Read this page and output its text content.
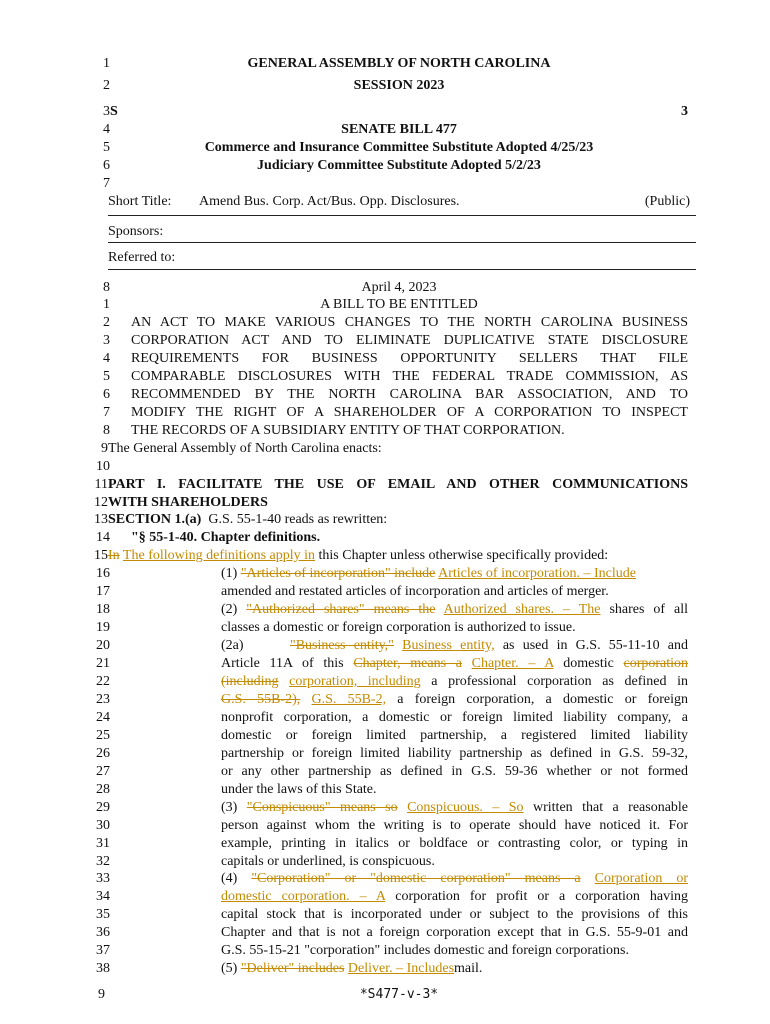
1	GENERAL ASSEMBLY OF NORTH CAROLINA
2	SESSION 2023
3 S	3
4	SENATE BILL 477
5	Commerce and Insurance Committee Substitute Adopted 4/25/23
6	Judiciary Committee Substitute Adopted 5/2/23
7
Short Title: Amend Bus. Corp. Act/Bus. Opp. Disclosures.	(Public)
Sponsors:
Referred to:
8	April 4, 2023
1	A BILL TO BE ENTITLED
2 AN ACT TO MAKE VARIOUS CHANGES TO THE NORTH CAROLINA BUSINESS
3 CORPORATION ACT AND TO ELIMINATE DUPLICATIVE STATE DISCLOSURE
4 REQUIREMENTS FOR BUSINESS OPPORTUNITY SELLERS THAT FILE
5 COMPARABLE DISCLOSURES WITH THE FEDERAL TRADE COMMISSION, AS
6 RECOMMENDED BY THE NORTH CAROLINA BAR ASSOCIATION, AND TO
7 MODIFY THE RIGHT OF A SHAREHOLDER OF A CORPORATION TO INSPECT
8 THE RECORDS OF A SUBSIDIARY ENTITY OF THAT CORPORATION.
9 The General Assembly of North Carolina enacts:
10
11 PART I. FACILITATE THE USE OF EMAIL AND OTHER COMMUNICATIONS
12 WITH SHAREHOLDERS
13 SECTION 1.(a) G.S. 55-1-40 reads as rewritten:
14 "§ 55-1-40. Chapter definitions.
15 In The following definitions apply in this Chapter unless otherwise specifically provided:
16	(1) "Articles of incorporation" include Articles of incorporation. – Include
17	amended and restated articles of incorporation and articles of merger.
18	(2) "Authorized shares" means the Authorized shares. – The shares of all
19	classes a domestic or foreign corporation is authorized to issue.
20	(2a)	"Business entity," Business entity, as used in G.S. 55-11-10 and
21	Article 11A of this Chapter, means a Chapter. – A domestic corporation
22	(including corporation, including a professional corporation as defined in
23	G.S. 55B-2), G.S. 55B-2, a foreign corporation, a domestic or foreign
24	nonprofit corporation, a domestic or foreign limited liability company, a
25	domestic or foreign limited partnership, a registered limited liability
26	partnership or foreign limited liability partnership as defined in G.S. 59-32,
27	or any other partnership as defined in G.S. 59-36 whether or not formed
28	under the laws of this State.
29	(3) "Conspicuous" means so Conspicuous. – So written that a reasonable
30	person against whom the writing is to operate should have noticed it. For
31	example, printing in italics or boldface or contrasting color, or typing in
32	capitals or underlined, is conspicuous.
33	(4) "Corporation" or "domestic corporation" means a Corporation or
34	domestic corporation. – A corporation for profit or a corporation having
35	capital stock that is incorporated under or subject to the provisions of this
36	Chapter and that is not a foreign corporation except that in G.S. 55-9-01 and
37	G.S. 55-15-21 "corporation" includes domestic and foreign corporations.
38	(5) "Deliver" includes Deliver. – Includesmail.
9	*S477-v-3*
